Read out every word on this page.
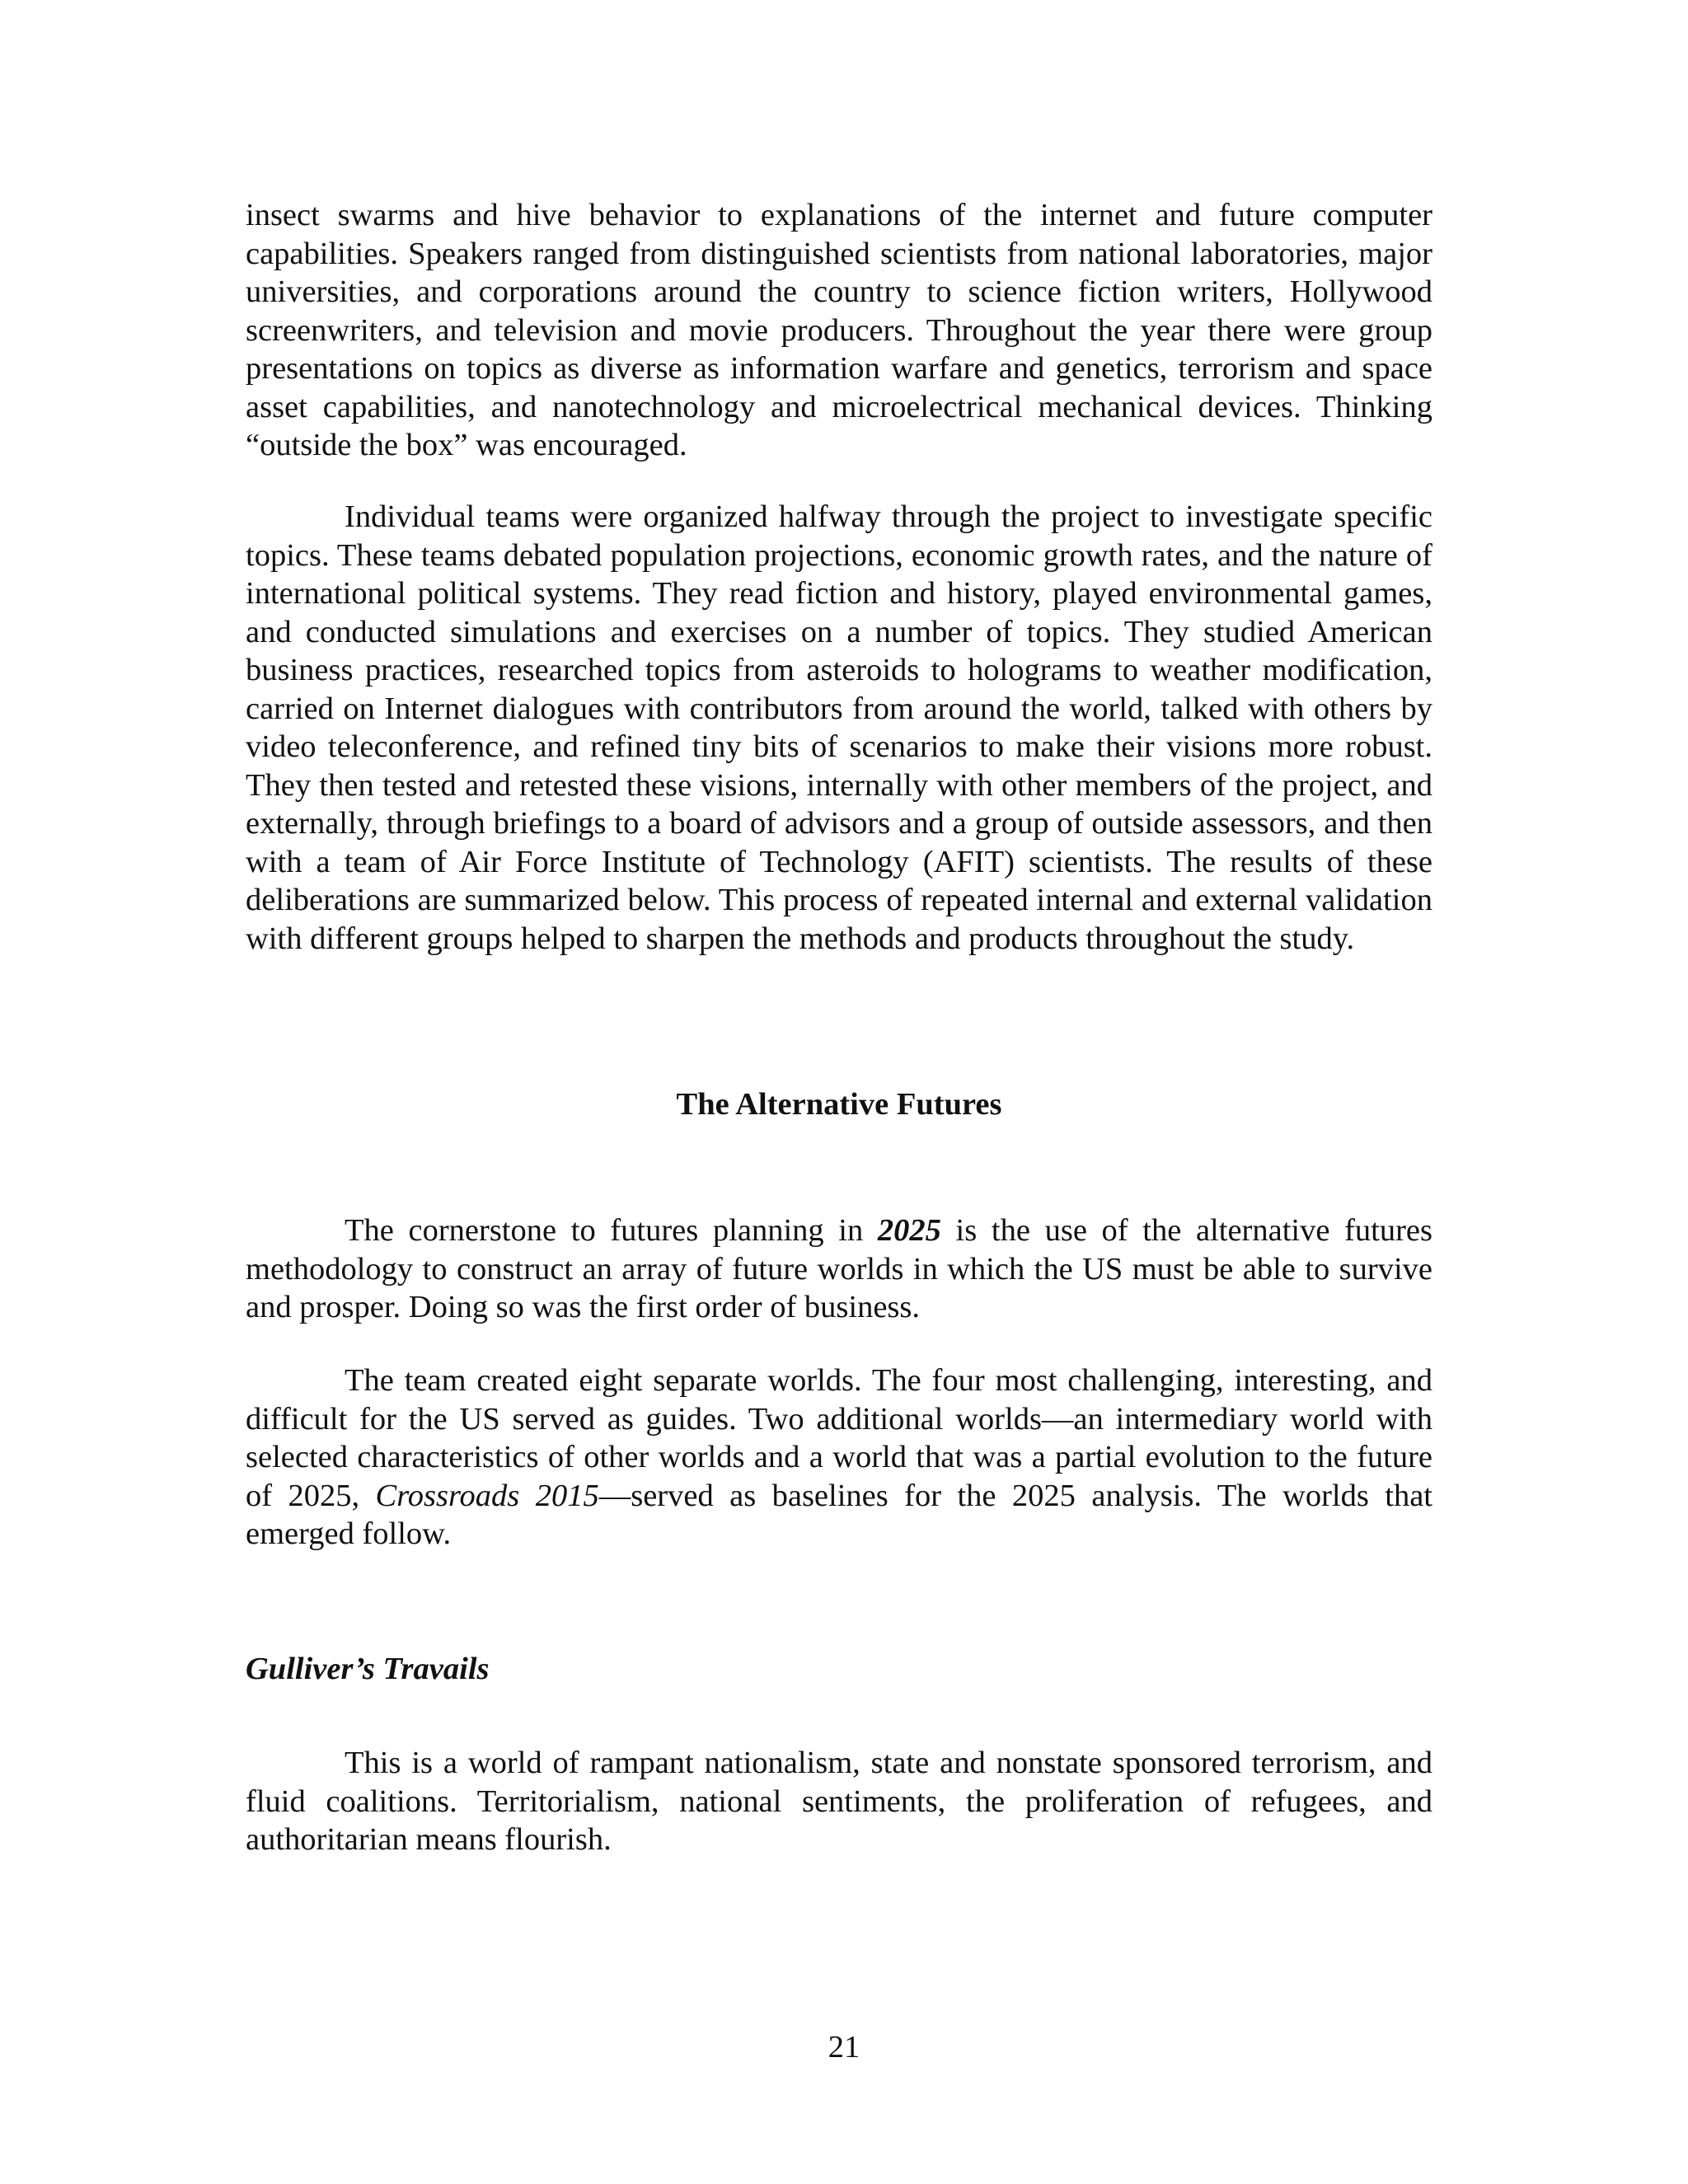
insect swarms and hive behavior to explanations of the internet and future computer capabilities. Speakers ranged from distinguished scientists from national laboratories, major universities, and corporations around the country to science fiction writers, Hollywood screenwriters, and television and movie producers. Throughout the year there were group presentations on topics as diverse as information warfare and genetics, terrorism and space asset capabilities, and nanotechnology and microelectrical mechanical devices. Thinking “outside the box” was encouraged.

Individual teams were organized halfway through the project to investigate specific topics. These teams debated population projections, economic growth rates, and the nature of international political systems. They read fiction and history, played environmental games, and conducted simulations and exercises on a number of topics. They studied American business practices, researched topics from asteroids to holograms to weather modification, carried on Internet dialogues with contributors from around the world, talked with others by video teleconference, and refined tiny bits of scenarios to make their visions more robust. They then tested and retested these visions, internally with other members of the project, and externally, through briefings to a board of advisors and a group of outside assessors, and then with a team of Air Force Institute of Technology (AFIT) scientists. The results of these deliberations are summarized below. This process of repeated internal and external validation with different groups helped to sharpen the methods and products throughout the study.

The Alternative Futures

The cornerstone to futures planning in 2025 is the use of the alternative futures methodology to construct an array of future worlds in which the US must be able to survive and prosper. Doing so was the first order of business.

The team created eight separate worlds. The four most challenging, interesting, and difficult for the US served as guides. Two additional worlds—an intermediary world with selected characteristics of other worlds and a world that was a partial evolution to the future of 2025, Crossroads 2015—served as baselines for the 2025 analysis. The worlds that emerged follow.

Gulliver’s Travails

This is a world of rampant nationalism, state and nonstate sponsored terrorism, and fluid coalitions. Territorialism, national sentiments, the proliferation of refugees, and authoritarian means flourish.

21
